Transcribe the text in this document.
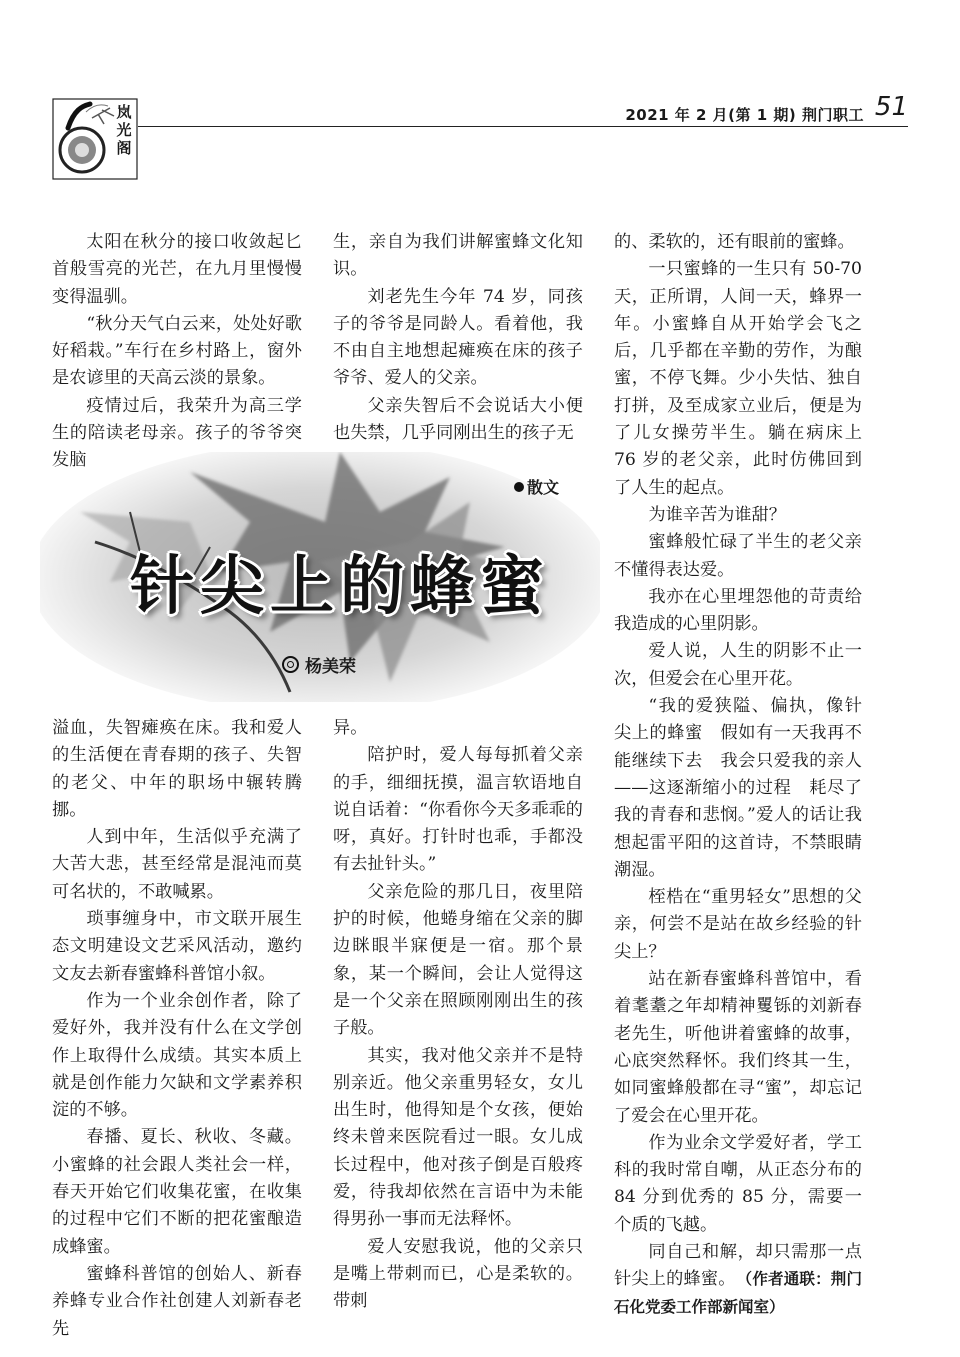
岚
光
阁
2021 年 2 月(第 1 期) 荆门职工 51

太阳在秋分的接口收敛起匕首般雪亮的光芒，在九月里慢慢变得温驯。

“秋分天气白云来，处处好歌好稻栽。”车行在乡村路上，窗外是农谚里的天高云淡的景象。

疫情过后，我荣升为高三学生的陪读老母亲。孩子的爷爷突发脑

生，亲自为我们讲解蜜蜂文化知识。

刘老先生今年 74 岁，同孩子的爷爷是同龄人。看着他，我不由自主地想起瘫痪在床的孩子爷爷、爱人的父亲。

父亲失智后不会说话大小便也失禁，几乎同刚出生的孩子无

散文
针尖上的蜂蜜
杨美荣

溢血，失智瘫痪在床。我和爱人的生活便在青春期的孩子、失智的老父、中年的职场中辗转腾挪。

人到中年，生活似乎充满了大苦大悲，甚至经常是混沌而莫可名状的，不敢喊累。

琐事缠身中，市文联开展生态文明建设文艺采风活动，邀约文友去新春蜜蜂科普馆小叙。

作为一个业余创作者，除了爱好外，我并没有什么在文学创作上取得什么成绩。其实本质上就是创作能力欠缺和文学素养积淀的不够。

春播、夏长、秋收、冬藏。小蜜蜂的社会跟人类社会一样，春天开始它们收集花蜜，在收集的过程中它们不断的把花蜜酿造成蜂蜜。

蜜蜂科普馆的创始人、新春养蜂专业合作社创建人刘新春老先

异。

陪护时，爱人每每抓着父亲的手，细细抚摸，温言软语地自说自话着：“你看你今天多乖乖的呀，真好。打针时也乖，手都没有去扯针头。”

父亲危险的那几日，夜里陪护的时候，他蜷身缩在父亲的脚边眯眼半寐便是一宿。那个景象，某一个瞬间，会让人觉得这是一个父亲在照顾刚刚出生的孩子般。

其实，我对他父亲并不是特别亲近。他父亲重男轻女，女儿出生时，他得知是个女孩，便始终未曾来医院看过一眼。女儿成长过程中，他对孩子倒是百般疼爱，待我却依然在言语中为未能得男孙一事而无法释怀。

爱人安慰我说，他的父亲只是嘴上带刺而已，心是柔软的。带刺

的、柔软的，还有眼前的蜜蜂。

一只蜜蜂的一生只有 50-70 天，正所谓，人间一天，蜂界一年。小蜜蜂自从开始学会飞之后，几乎都在辛勤的劳作，为酿蜜，不停飞舞。少小失怙、独自打拼，及至成家立业后，便是为了儿女操劳半生。躺在病床上 76 岁的老父亲，此时仿佛回到了人生的起点。

为谁辛苦为谁甜？

蜜蜂般忙碌了半生的老父亲不懂得表达爱。

我亦在心里埋怨他的苛责给我造成的心里阴影。

爱人说，人生的阴影不止一次，但爱会在心里开花。

“我的爱狭隘、偏执，像针尖上的蜂蜜　假如有一天我再不能继续下去　我会只爱我的亲人——这逐渐缩小的过程　耗尽了我的青春和悲悯。”爱人的话让我想起雷平阳的这首诗，不禁眼睛潮湿。

桎梏在“重男轻女”思想的父亲，何尝不是站在故乡经验的针尖上？

站在新春蜜蜂科普馆中，看着耄耋之年却精神矍铄的刘新春老先生，听他讲着蜜蜂的故事，心底突然释怀。我们终其一生，如同蜜蜂般都在寻“蜜”，却忘记了爱会在心里开花。

作为业余文学爱好者，学工科的我时常自嘲，从正态分布的 84 分到优秀的 85 分，需要一个质的飞越。

同自己和解，却只需那一点针尖上的蜂蜜。　 （作者通联：荆门石化党委工作部新闻室）
